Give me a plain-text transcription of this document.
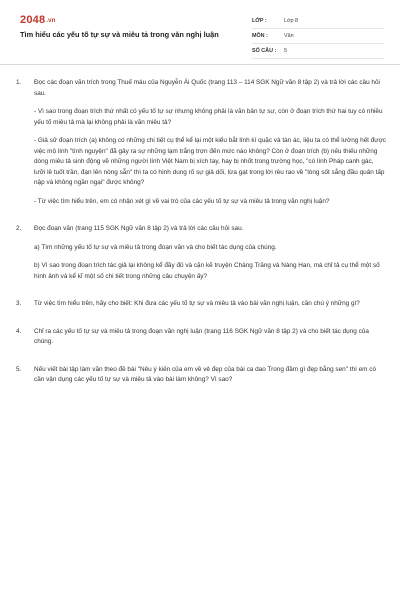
2048.vn
Tìm hiểu các yếu tố tự sự và miêu tả trong văn nghị luận
LỚP :	Lớp 8
MÔN :	Văn
SỐ CÂU :	5
1.	Đọc các đoạn văn trích trong Thuế máu của Nguyễn Ái Quốc (trang 113 – 114 SGK Ngữ văn 8 tập 2) và trả lời các câu hỏi sau.
- Vì sao trong đoạn trích thứ nhất có yếu tố tự sự nhưng không phải là văn bản tự sự, còn ở đoạn trích thứ hai tuy có nhiều yếu tố miêu tả mà lại không phải là văn miêu tả?
- Giả sử đoạn trích (a) không có những chi tiết cụ thể kể lại một kiểu bắt lính kì quặc và tàn ác, liệu ta có thể lường hết được việc mộ lính "tình nguyện" đã gây ra sự những lạm trắng trợn đến mức nào không? Còn ở đoạn trích (b) nếu thiếu những dòng miêu tả sinh động về những người lính Việt Nam bị xích tay, hay bị nhốt trong trường học, "có lính Pháp canh gác, lưỡi lê tuốt trần, đạn lên nòng sẵn" thì ta có hình dung rõ sự giả dối, lừa gạt trong lời rêu rao về "lòng sốt sắng đầu quân tấp nập và không ngần ngại" được không?
- Từ việc tìm hiểu trên, em có nhận xét gì về vai trò của các yếu tố tự sự và miêu tả trong văn nghị luận?
2.	Đọc đoạn văn (trang 115 SGK Ngữ văn 8 tập 2) và trả lời các câu hỏi sau.
a) Tìm những yếu tố tự sự và miêu tả trong đoạn văn và cho biết tác dụng của chúng.
b) Vì sao trong đoạn trích tác giả lại không kể đầy đủ và cặn kẽ truyện Chàng Trăng và Nàng Han, mà chỉ tả cụ thể một số hình ảnh và kể kĩ một số chi tiết trong những câu chuyện ấy?
3.	Từ việc tìm hiểu trên, hãy cho biết: Khi đưa các yếu tố tự sự và miêu tả vào bài văn nghị luận, cần chú ý những gì?
4.	Chỉ ra các yếu tố tự sự và miêu tả trong đoạn văn nghị luận (trang 116 SGK Ngữ văn 8 tập 2) và cho biết tác dụng của chúng.
5.	Nếu viết bài tập làm văn theo đề bài "Nêu ý kiến của em về vẻ đẹp của bài ca dao Trong đầm gì đẹp bằng sen" thì em có cần vận dụng các yếu tố tự sự và miêu tả vào bài làm không? Vì sao?
